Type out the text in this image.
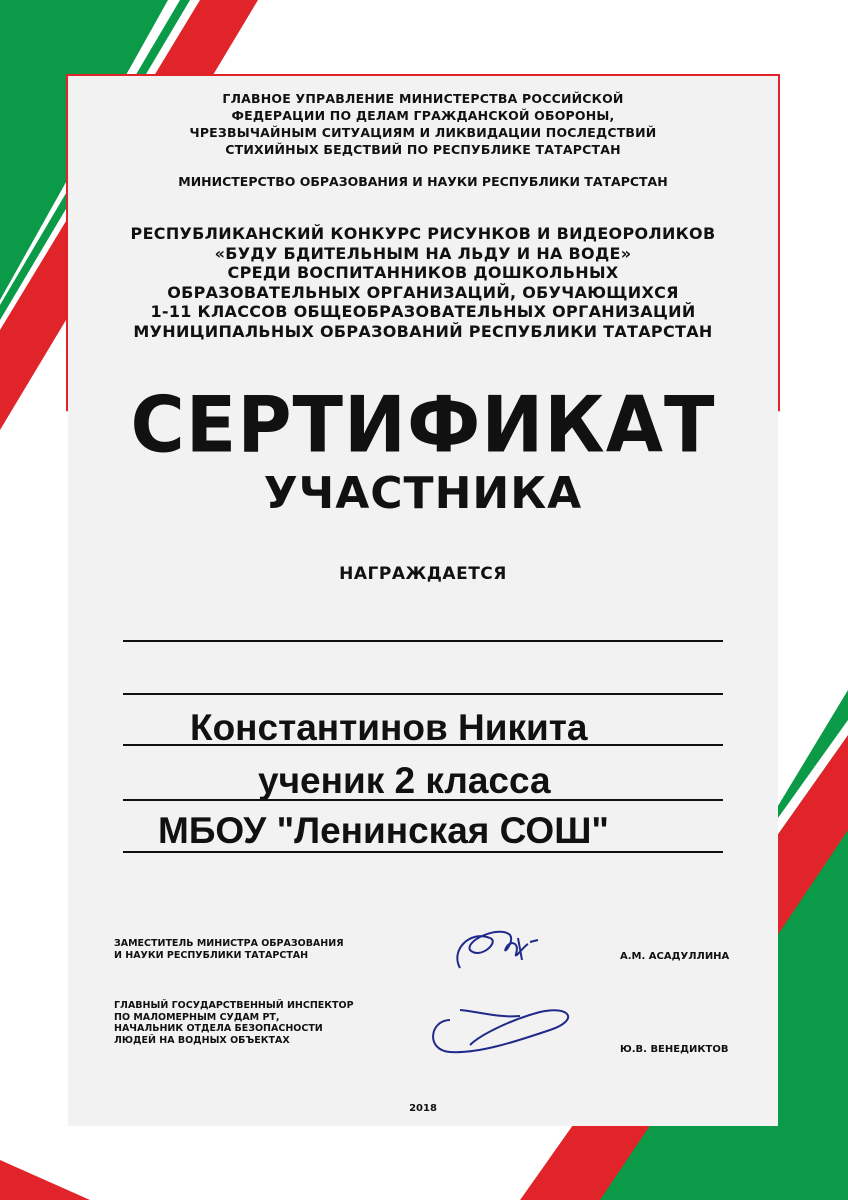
ГЛАВНОЕ УПРАВЛЕНИЕ МИНИСТЕРСТВА РОССИЙСКОЙ
ФЕДЕРАЦИИ ПО ДЕЛАМ ГРАЖДАНСКОЙ ОБОРОНЫ,
ЧРЕЗВЫЧАЙНЫМ СИТУАЦИЯМ И ЛИКВИДАЦИИ ПОСЛЕДСТВИЙ
СТИХИЙНЫХ БЕДСТВИЙ ПО РЕСПУБЛИКЕ ТАТАРСТАН
МИНИСТЕРСТВО ОБРАЗОВАНИЯ И НАУКИ РЕСПУБЛИКИ ТАТАРСТАН
РЕСПУБЛИКАНСКИЙ КОНКУРС РИСУНКОВ И ВИДЕОРОЛИКОВ
«БУДУ БДИТЕЛЬНЫМ НА ЛЬДУ И НА ВОДЕ»
СРЕДИ ВОСПИТАННИКОВ ДОШКОЛЬНЫХ
ОБРАЗОВАТЕЛЬНЫХ ОРГАНИЗАЦИЙ, ОБУЧАЮЩИХСЯ
1-11 КЛАССОВ ОБЩЕОБРАЗОВАТЕЛЬНЫХ ОРГАНИЗАЦИЙ
МУНИЦИПАЛЬНЫХ ОБРАЗОВАНИЙ РЕСПУБЛИКИ ТАТАРСТАН
СЕРТИФИКАТ
УЧАСТНИКА
НАГРАЖДАЕТСЯ
Константинов Никита
ученик 2 класса
МБОУ "Ленинская СОШ"
ЗАМЕСТИТЕЛЬ МИНИСТРА ОБРАЗОВАНИЯ
И НАУКИ РЕСПУБЛИКИ ТАТАРСТАН	А.М. АСАДУЛЛИНА
ГЛАВНЫЙ ГОСУДАРСТВЕННЫЙ ИНСПЕКТОР
ПО МАЛОМЕРНЫМ СУДАМ РТ,
НАЧАЛЬНИК ОТДЕЛА БЕЗОПАСНОСТИ
ЛЮДЕЙ НА ВОДНЫХ ОБЪЕКТАХ
Ю.В. ВЕНЕДИКТОВ
2018
